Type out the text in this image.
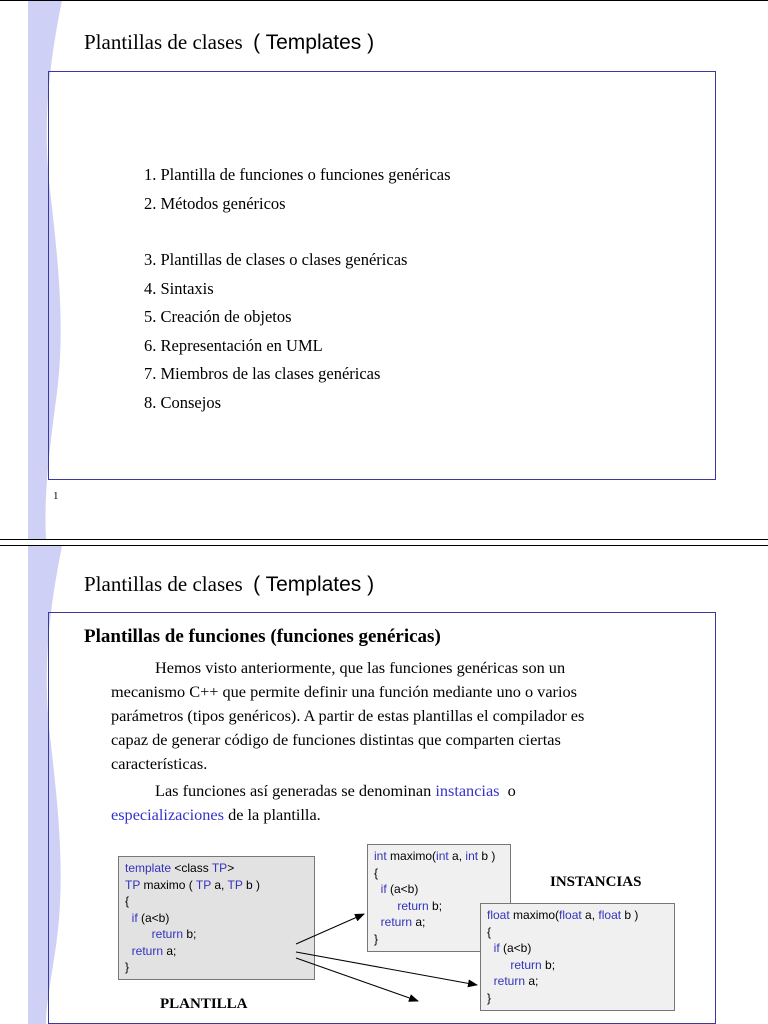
Plantillas de clases ( Templates )
1. Plantilla de funciones o funciones genéricas
2. Métodos genéricos
3. Plantillas de clases o clases genéricas
4. Sintaxis
5. Creación de objetos
6. Representación en UML
7. Miembros de las clases genéricas
8. Consejos
1
Plantillas de clases ( Templates )
Plantillas de funciones (funciones genéricas)
Hemos visto anteriormente, que las funciones genéricas son un
mecanismo C++ que permite definir una función mediante uno o varios
parámetros (tipos genéricos). A partir de estas plantillas el compilador es
capaz de generar código de funciones distintas que comparten ciertas
características.
Las funciones así generadas se denominan instancias o
especializaciones de la plantilla.
template <class TP>
TP maximo ( TP a, TP b )
{
if (a<b)
return b;
return a;
}
int maximo(int a, int b )
{
if (a<b)
return b;
return a;
}
INSTANCIAS
float maximo(float a, float b )
{
if (a<b)
return b;
return a;
}
PLANTILLA
